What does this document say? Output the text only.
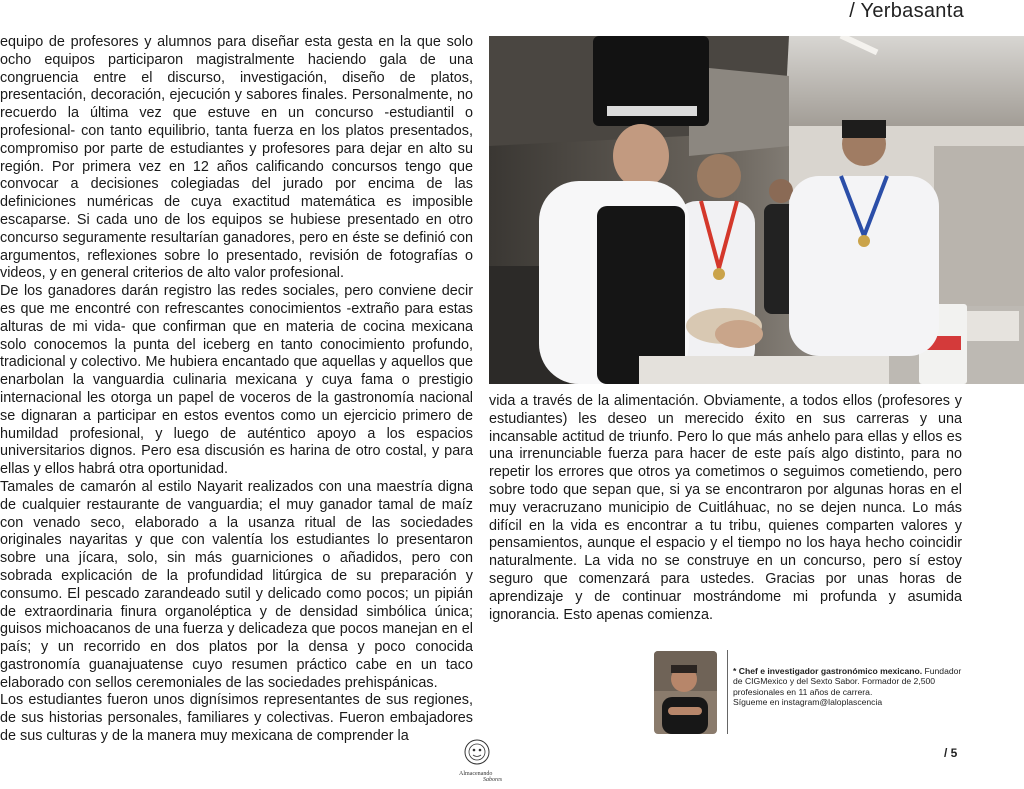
/ Yerbasanta

equipo de profesores y alumnos para diseñar esta gesta en la que solo ocho equipos participaron magistralmente haciendo gala de una congruencia entre el discurso, investigación, diseño de platos, presentación, decoración, ejecución y sabores finales. Personalmente, no recuerdo la última vez que estuve en un concurso -estudiantil o profesional- con tanto equilibrio, tanta fuerza en los platos presentados, compromiso por parte de estudiantes y profesores para dejar en alto su región. Por primera vez en 12 años calificando concursos tengo que convocar a decisiones colegiadas del jurado por encima de las definiciones numéricas de cuya exactitud matemática es imposible escaparse. Si cada uno de los equipos se hubiese presentado en otro concurso seguramente resultarían ganadores, pero en éste se definió con argumentos, reflexiones sobre lo presentado, revisión de fotografías o videos, y en general criterios de alto valor profesional.

De los ganadores darán registro las redes sociales, pero conviene decir es que me encontré con refrescantes conocimientos -extraño para estas alturas de mi vida- que confirman que en materia de cocina mexicana solo conocemos la punta del iceberg en tanto conocimiento profundo, tradicional y colectivo. Me hubiera encantado que aquellas y aquellos que enarbolan la vanguardia culinaria mexicana y cuya fama o prestigio internacional les otorga un papel de voceros de la gastronomía nacional se dignaran a participar en estos eventos como un ejercicio primero de humildad profesional, y luego de auténtico apoyo a los espacios universitarios dignos. Pero esa discusión es harina de otro costal, y para ellas y ellos habrá otra oportunidad.

Tamales de camarón al estilo Nayarit realizados con una maestría digna de cualquier restaurante de vanguardia; el muy ganador tamal de maíz con venado seco, elaborado a la usanza ritual de las sociedades originales nayaritas y que con valentía los estudiantes lo presentaron sobre una jícara, solo, sin más guarniciones o añadidos, pero con sobrada explicación de la profundidad litúrgica de su preparación y consumo. El pescado zarandeado sutil y delicado como pocos; un pipián de extraordinaria finura organoléptica y de densidad simbólica única; guisos michoacanos de una fuerza y delicadeza que pocos manejan en el país; y un recorrido en dos platos por la densa y poco conocida gastronomía guanajuatense cuyo resumen práctico cabe en un taco elaborado con sellos ceremoniales de las sociedades prehispánicas.

Los estudiantes fueron unos dignísimos representantes de sus regiones, de sus historias personales, familiares y colectivas. Fueron embajadores de sus culturas y de la manera muy mexicana de comprender la

vida a través de la alimentación. Obviamente, a todos ellos (profesores y estudiantes) les deseo un merecido éxito en sus carreras y una incansable actitud de triunfo. Pero lo que más anhelo para ellas y ellos es una irrenunciable fuerza para hacer de este país algo distinto, para no repetir los errores que otros ya cometimos o seguimos cometiendo, pero sobre todo que sepan que, si ya se encontraron por algunas horas en el muy veracruzano municipio de Cuitláhuac, no se dejen nunca. Lo más difícil en la vida es encontrar a tu tribu, quienes comparten valores y pensamientos, aunque el espacio y el tiempo no los haya hecho coincidir naturalmente. La vida no se construye en un concurso, pero sí estoy seguro que comenzará para ustedes. Gracias por unas horas de aprendizaje y de continuar mostrándome mi profunda y asumida ignorancia. Esto apenas comienza.

* Chef e investigador gastronómico mexicano. Fundador de CIGMexico y del Sexto Sabor. Formador de 2,500 profesionales en 11 años de carrera.
Sígueme en instagram@laloplascencia
Almacenando
Sabores
/ 5
